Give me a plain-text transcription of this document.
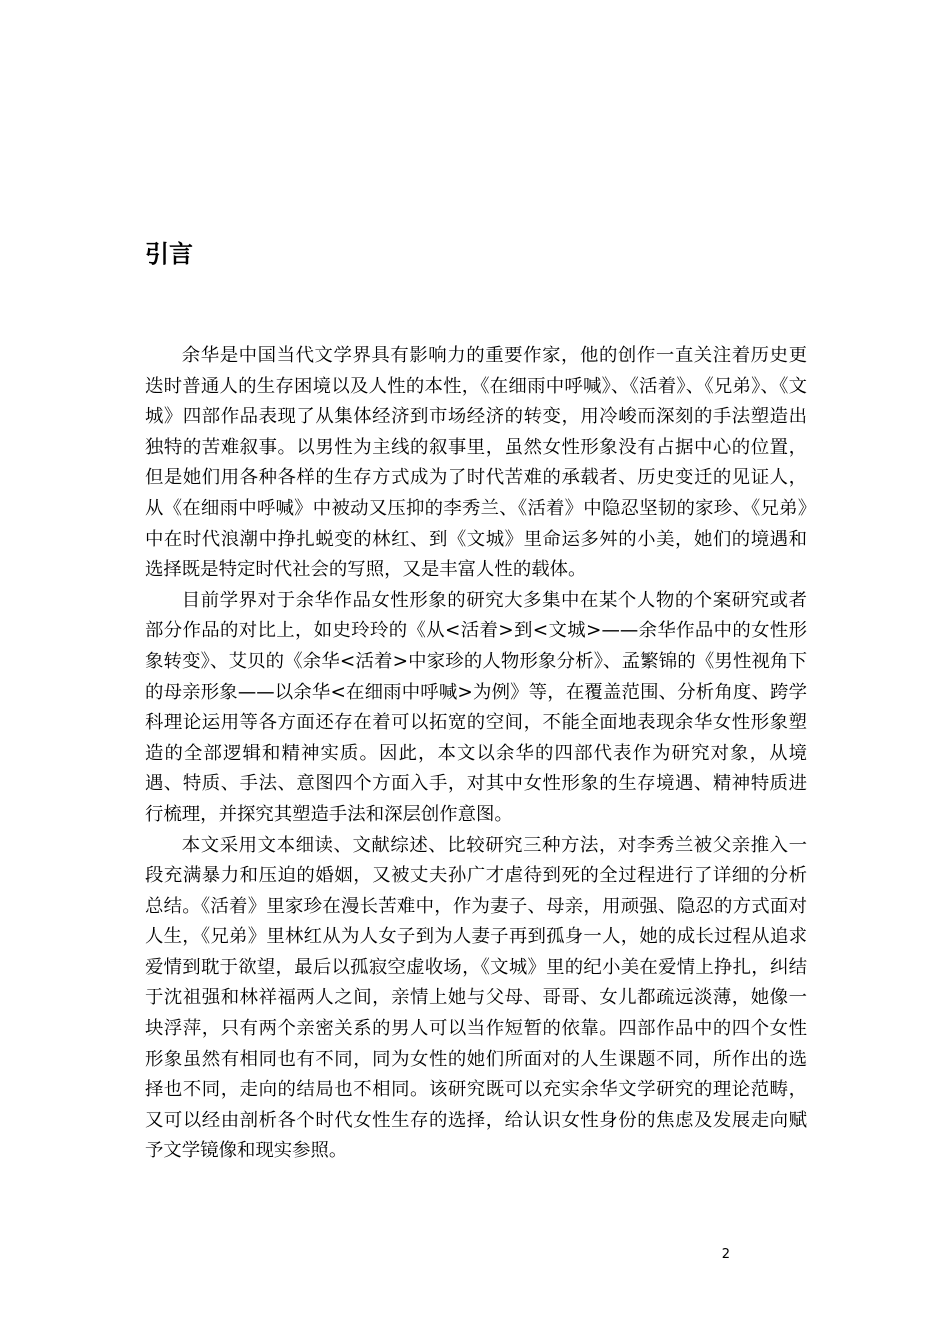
引言

余华是中国当代文学界具有影响力的重要作家，他的创作一直关注着历史更迭时普通人的生存困境以及人性的本性，《在细雨中呼喊》、《活着》、《兄弟》、《文城》四部作品表现了从集体经济到市场经济的转变，用冷峻而深刻的手法塑造出独特的苦难叙事。以男性为主线的叙事里，虽然女性形象没有占据中心的位置，但是她们用各种各样的生存方式成为了时代苦难的承载者、历史变迁的见证人，从《在细雨中呼喊》中被动又压抑的李秀兰、《活着》中隐忍坚韧的家珍、《兄弟》中在时代浪潮中挣扎蜕变的林红、到《文城》里命运多舛的小美，她们的境遇和选择既是特定时代社会的写照，又是丰富人性的载体。

目前学界对于余华作品女性形象的研究大多集中在某个人物的个案研究或者部分作品的对比上，如史玲玲的《从<活着>到<文城>——余华作品中的女性形象转变》、艾贝的《余华<活着>中家珍的人物形象分析》、孟繁锦的《男性视角下的母亲形象——以余华<在细雨中呼喊>为例》等，在覆盖范围、分析角度、跨学科理论运用等各方面还存在着可以拓宽的空间，不能全面地表现余华女性形象塑造的全部逻辑和精神实质。因此，本文以余华的四部代表作为研究对象，从境遇、特质、手法、意图四个方面入手，对其中女性形象的生存境遇、精神特质进行梳理，并探究其塑造手法和深层创作意图。

本文采用文本细读、文献综述、比较研究三种方法，对李秀兰被父亲推入一段充满暴力和压迫的婚姻，又被丈夫孙广才虐待到死的全过程进行了详细的分析总结。《活着》里家珍在漫长苦难中，作为妻子、母亲，用顽强、隐忍的方式面对人生，《兄弟》里林红从为人女子到为人妻子再到孤身一人，她的成长过程从追求爱情到耽于欲望，最后以孤寂空虚收场，《文城》里的纪小美在爱情上挣扎，纠结于沈祖强和林祥福两人之间，亲情上她与父母、哥哥、女儿都疏远淡薄，她像一块浮萍，只有两个亲密关系的男人可以当作短暂的依靠。四部作品中的四个女性形象虽然有相同也有不同，同为女性的她们所面对的人生课题不同，所作出的选择也不同，走向的结局也不相同。该研究既可以充实余华文学研究的理论范畴，又可以经由剖析各个时代女性生存的选择，给认识女性身份的焦虑及发展走向赋予文学镜像和现实参照。

2
